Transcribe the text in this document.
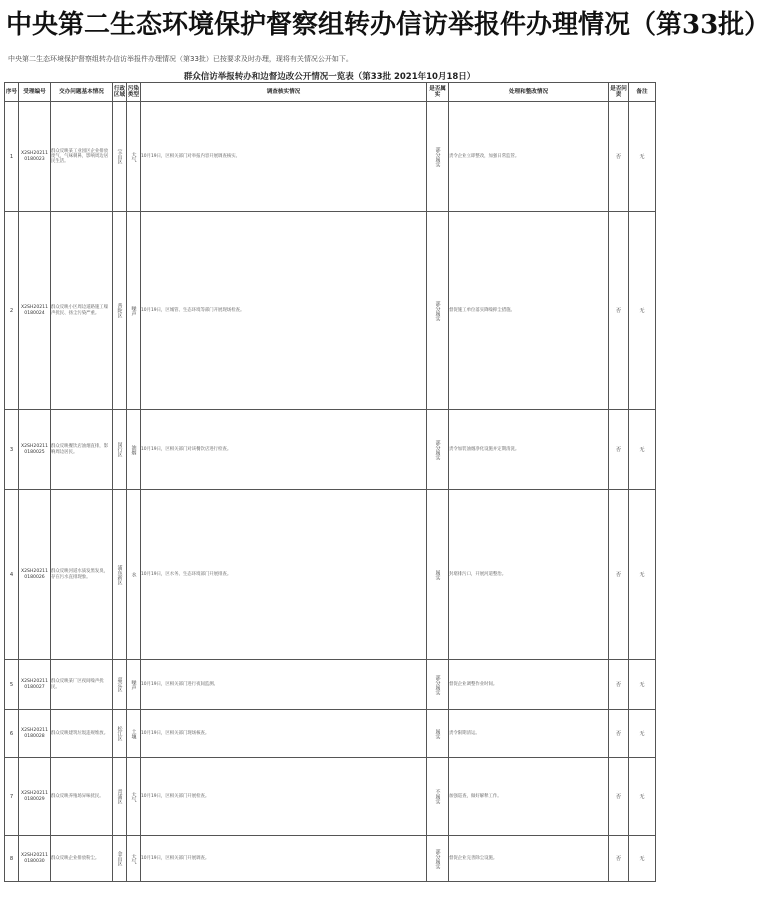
中央第二生态环境保护督察组转办信访举报件办理情况（第33批）
中央第二生态环境保护督察组转办信访举报件办理情况（第33批）已按要求及时办理，现将有关情况公开如下。
群众信访举报转办和边督边改公开情况一览表（第33批 2021年10月18日）
序号	受理编号	交办问题基本情况	行政区域	污染类型	调查核实情况	是否属实	处理和整改情况	是否问责	备注
1	X2SH202110180023	群众反映某工业园区企业排放废气，气味刺鼻，影响周边居民生活。	宝山区	大气	10月19日，区相关部门对举报内容开展调查核实。	部分属实	责令企业立即整改，加强日常监管。	否	无
2	X2SH202110180024	群众反映小区周边道路施工噪声扰民、扬尘污染严重。	普陀区	噪声	10月19日，区城管、生态环境等部门开展现场检查。	部分属实	督促施工单位落实降噪抑尘措施。	否	无
3	X2SH202110180025	群众反映餐饮店油烟直排，影响周边居民。	闵行区	油烟	10月19日，区相关部门对该餐饮店进行检查。	部分属实	责令加装油烟净化设施并定期清洗。	否	无
4	X2SH202110180026	群众反映河道水质发黑发臭，存在污水直排现象。	浦东新区	水	10月19日，区水务、生态环境部门开展排查。	属实	封堵排污口，开展河道整治。	否	无
5	X2SH202110180027	群众反映某厂区夜间噪声扰民。	嘉定区	噪声	10月19日，区相关部门进行夜间监测。	部分属实	督促企业调整作业时间。	否	无
6	X2SH202110180028	群众反映建筑垃圾违规堆放。	松江区	土壤	10月19日，区相关部门现场核查。	属实	责令限期清运。	否	无
7	X2SH202110180029	群众反映养殖场异味扰民。	青浦区	大气	10月19日，区相关部门开展检查。	不属实	加强巡查，做好解释工作。	否	无
8	X2SH202110180030	群众反映企业排放粉尘。	金山区	大气	10月19日，区相关部门开展调查。	部分属实	督促企业完善除尘设施。	否	无
